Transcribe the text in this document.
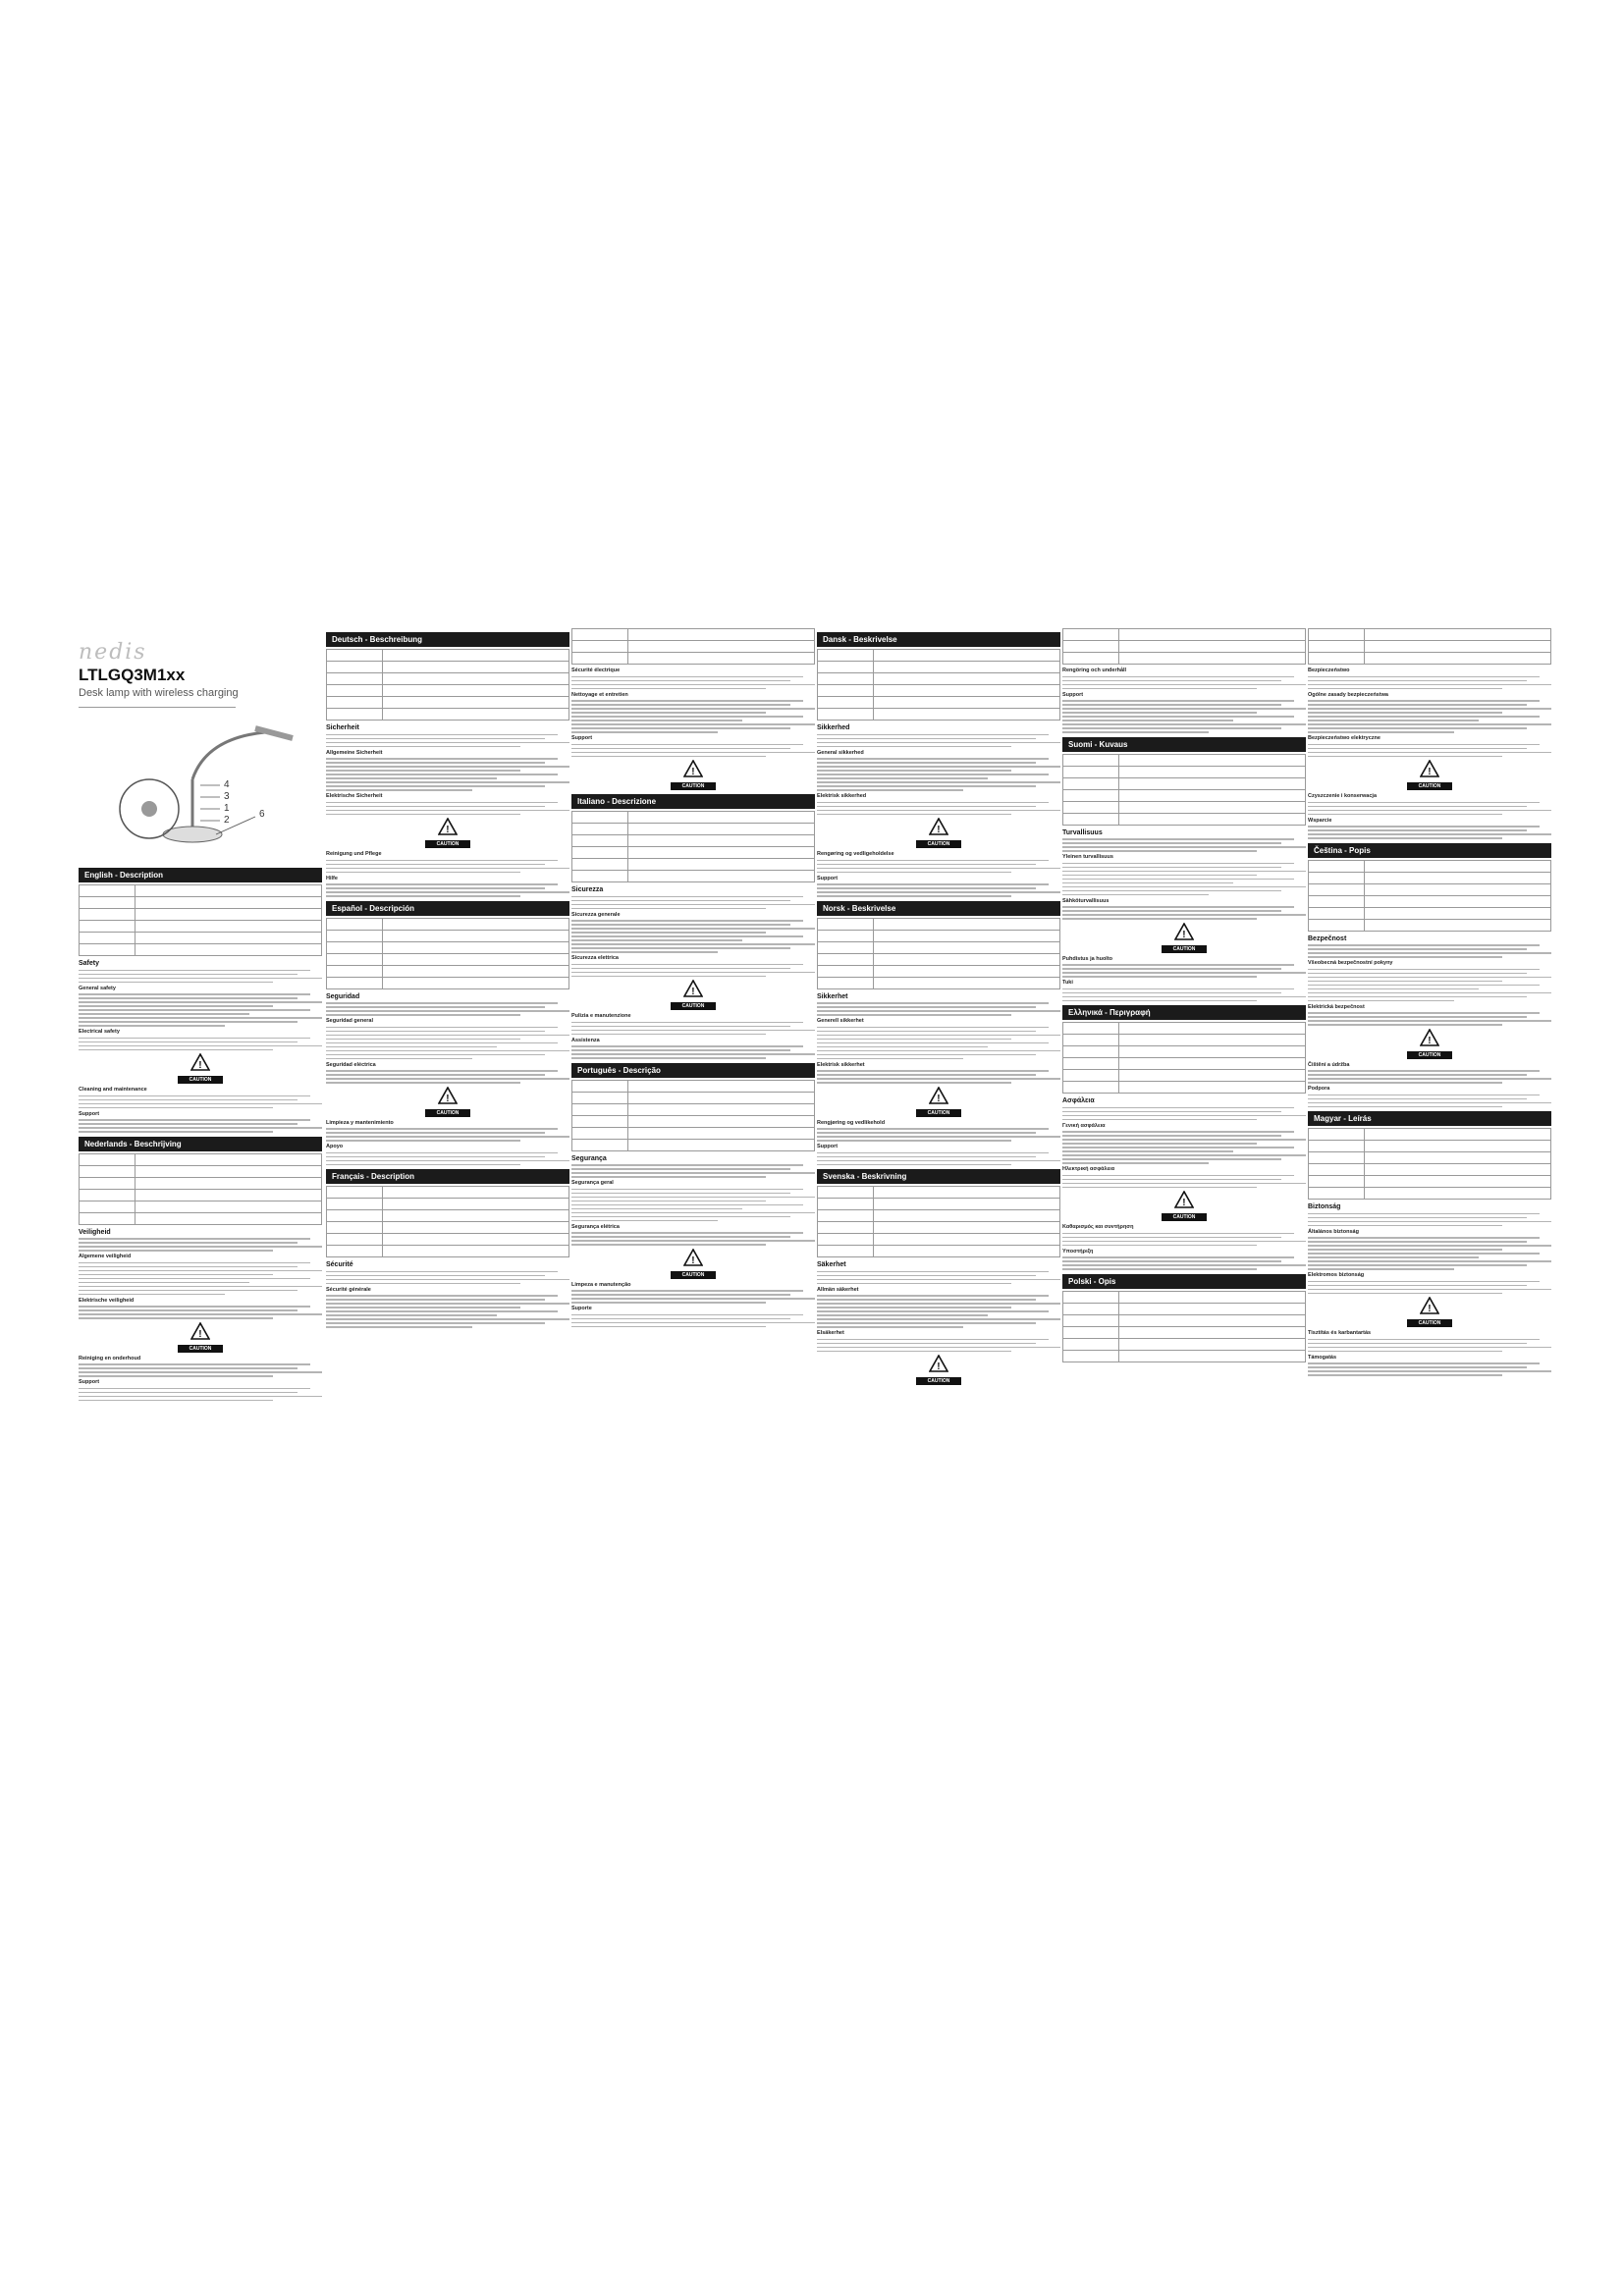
nedis
LTLGQ3M1xx
Desk lamp with wireless charging
4
3
1
2
6
English - Description

Safety
General safety
Electrical safety
!
CAUTION
Cleaning and maintenance
Support
Nederlands - Beschrijving

Veiligheid
Algemene veiligheid
Elektrische veiligheid
!
CAUTION
Reiniging en onderhoud
Support
Deutsch - Beschreibung

Sicherheit
Allgemeine Sicherheit
Elektrische Sicherheit
!
CAUTION
Reinigung und Pflege
Hilfe
Español - Descripción

Seguridad
Seguridad general
Seguridad eléctrica
!
CAUTION
Limpieza y mantenimiento
Apoyo
Français - Description

Sécurité
Sécurité générale

Sécurité électrique
Nettoyage et entretien
Support
!
CAUTION
Italiano - Descrizione

Sicurezza
Sicurezza generale
Sicurezza elettrica
!
CAUTION
Pulizia e manutenzione
Assistenza
Português - Descrição

Segurança
Segurança geral
Segurança elétrica
!
CAUTION
Limpeza e manutenção
Suporte
Dansk - Beskrivelse

Sikkerhed
General sikkerhed
Elektrisk sikkerhed
!
CAUTION
Rengøring og vedligeholdelse
Support
Norsk - Beskrivelse

Sikkerhet
Generell sikkerhet
Elektrisk sikkerhet
!
CAUTION
Rengjøring og vedlikehold
Support
Svenska - Beskrivning

Säkerhet
Allmän säkerhet
Elsäkerhet
!
CAUTION

Rengöring och underhåll
Support
Suomi - Kuvaus

Turvallisuus
Yleinen turvallisuus
Sähköturvallisuus
!
CAUTION
Puhdistus ja huolto
Tuki
Ελληνικά - Περιγραφή

Ασφάλεια
Γενική ασφάλεια
Ηλεκτρική ασφάλεια
!
CAUTION
Καθαρισμός και συντήρηση
Υποστήριξη
Polski - Opis

Bezpieczeństwo
Ogólne zasady bezpieczeństwa
Bezpieczeństwo elektryczne
!
CAUTION
Czyszczenie i konserwacja
Wsparcie
Čeština - Popis

Bezpečnost
Všeobecná bezpečnostní pokyny
Elektrická bezpečnost
!
CAUTION
Čištění a údržba
Podpora
Magyar - Leírás

Biztonság
Általános biztonság
Elektromos biztonság
!
CAUTION
Tisztítás és karbantartás
Támogatás
